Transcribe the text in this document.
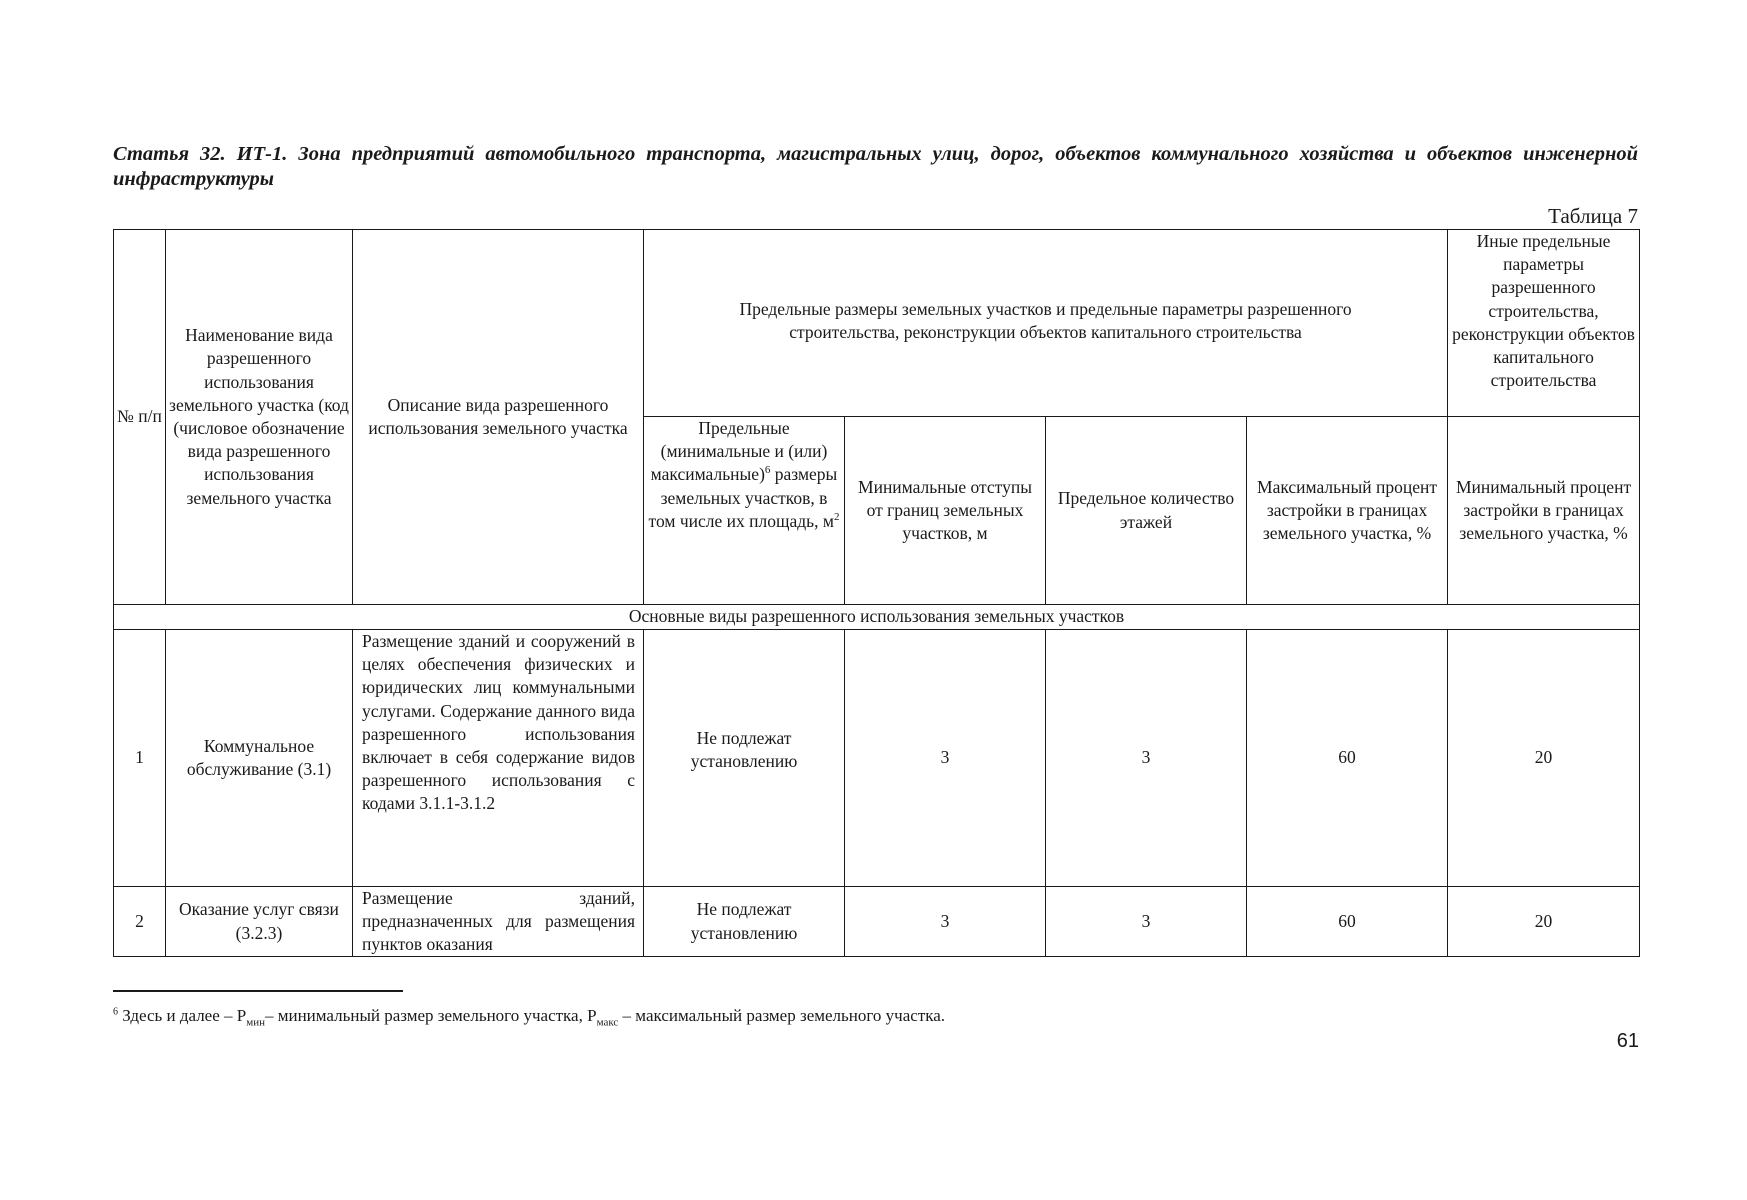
Статья 32. ИТ-1. Зона предприятий автомобильного транспорта, магистральных улиц, дорог, объектов коммунального хозяйства и объектов инженерной инфраструктуры
Таблица 7
№ п/п	Наименование вида разрешенного использования земельного участка (код (числовое обозначение вида разрешенного использования земельного участка	Описание вида разрешенного использования земельного участка	Предельные размеры земельных участков и предельные параметры разрешенного строительства, реконструкции объектов капитального строительства				Иные предельные параметры разрешенного строительства, реконструкции объектов капитального строительства
			Предельные (минимальные и (или) максимальные)$^6$ размеры земельных участков, в том числе их площадь, $м^2$	Минимальные отступы от границ земельных участков, м	Предельное количество этажей	Максимальный процент застройки в границах земельного участка, %	Минимальный процент застройки в границах земельного участка, %
Основные виды разрешенного использования земельных участков							
1	Коммунальное обслуживание (3.1)	Размещение зданий и сооружений в целях обеспечения физических и юридических лиц коммунальными услугами. Содержание данного вида разрешенного использования включает в себя содержание видов разрешенного использования с кодами 3.1.1-3.1.2	Не подлежат установлению	3	3	60	20
2	Оказание услуг связи (3.2.3)	Размещение зданий, предназначенных для размещения пунктов оказания	Не подлежат установлению	3	3	60	20
$^6$ Здесь и далее – $Р_{мин}-$ минимальный размер земельного участка, $Р_{макс}$ – максимальный размер земельного участка.
61
